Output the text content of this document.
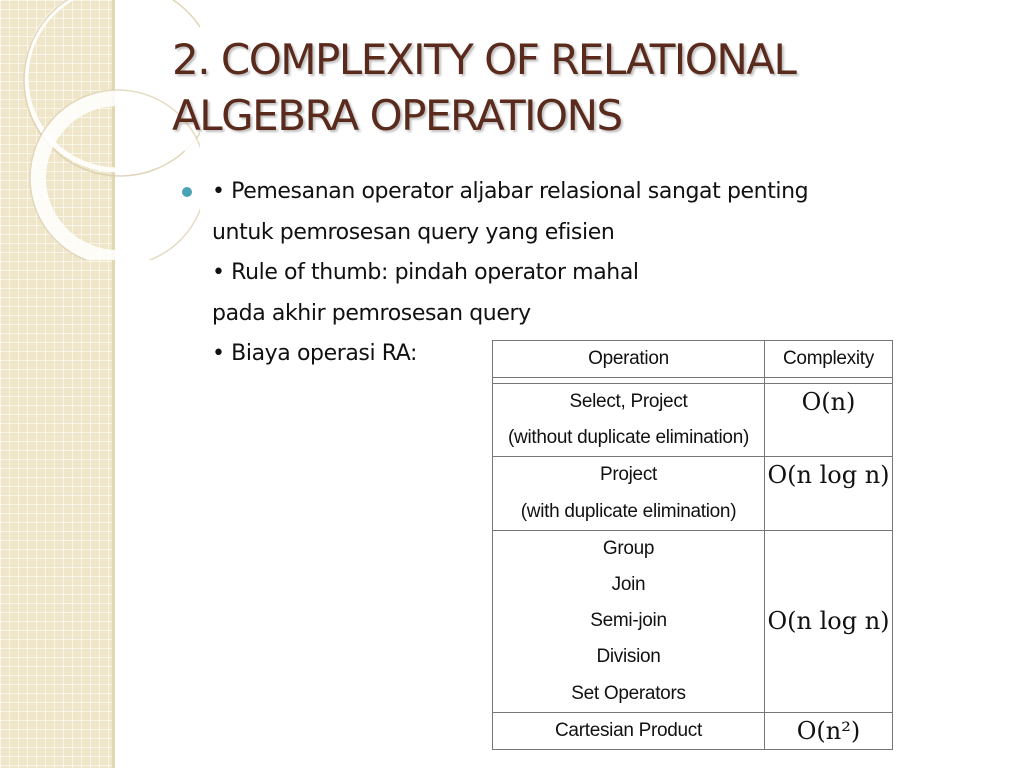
2. COMPLEXITY OF RELATIONAL
ALGEBRA OPERATIONS
• Pemesanan operator aljabar relasional sangat penting
untuk pemrosesan query yang efisien
• Rule of thumb: pindah operator mahal
pada akhir pemrosesan query
• Biaya operasi RA:	Operation	Complexity

Select, Project
(without duplicate elimination)	O(n)

Project
(with duplicate elimination)	O(n log n)

Group
Join
Semi-join
Division
Set Operators	O(n log n)

Cartesian Product	O(n²)
